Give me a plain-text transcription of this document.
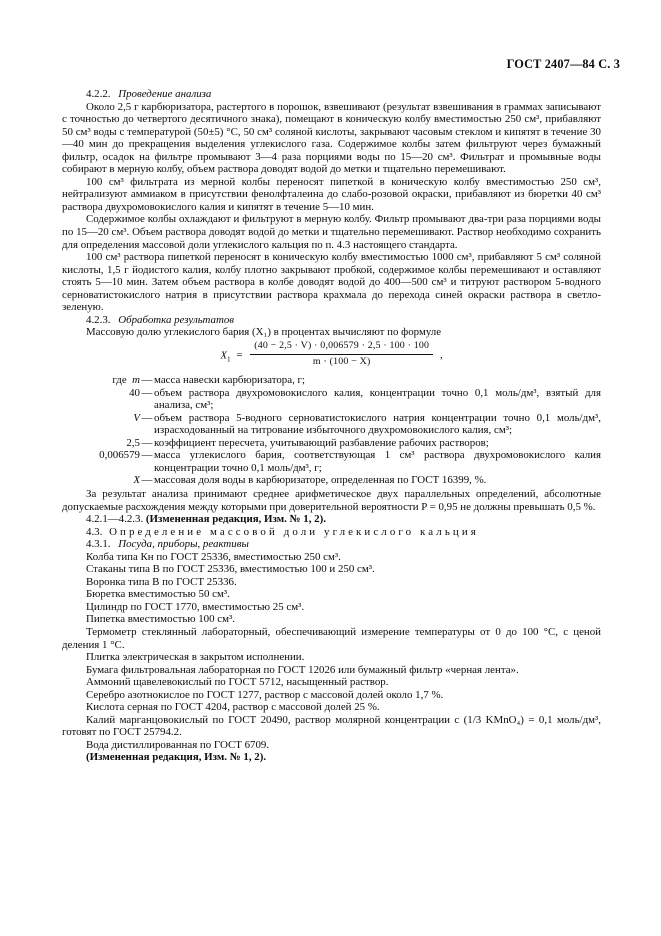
ГОСТ 2407—84 С. 3

4.2.2. Проведение анализа

Около 2,5 г карбюризатора, растертого в порошок, взвешивают (результат взвешивания в граммах записывают с точностью до четвертого десятичного знака), помещают в коническую колбу вместимостью 250 см³, прибавляют 50 см³ воды с температурой (50±5) °С, 50 см³ соляной кислоты, закрывают часовым стеклом и кипятят в течение 30—40 мин до прекращения выделения углекислого газа. Содержимое колбы затем фильтруют через бумажный фильтр, осадок на фильтре промывают 3—4 раза порциями воды по 15—20 см³. Фильтрат и промывные воды собирают в мерную колбу, объем раствора доводят водой до метки и тщательно перемешивают.

100 см³ фильтрата из мерной колбы переносят пипеткой в коническую колбу вместимостью 250 см³, нейтрализуют аммиаком в присутствии фенолфталеина до слабо-розовой окраски, прибавляют из бюретки 40 см³ раствора двухромовокислого калия и кипятят в течение 5—10 мин.

Содержимое колбы охлаждают и фильтруют в мерную колбу. Фильтр промывают два-три раза порциями воды по 15—20 см³. Объем раствора доводят водой до метки и тщательно перемешивают. Раствор необходимо сохранить для определения массовой доли углекислого кальция по п. 4.3 настоящего стандарта.

100 см³ раствора пипеткой переносят в коническую колбу вместимостью 1000 см³, прибавляют 5 см³ соляной кислоты, 1,5 г йодистого калия, колбу плотно закрывают пробкой, содержимое колбы перемешивают и оставляют стоять 5—10 мин. Затем объем раствора в колбе доводят водой до 400—500 см³ и титруют раствором 5-водного серноватистокислого натрия в присутствии раствора крахмала до перехода синей окраски раствора в светло-зеленую.

4.2.3. Обработка результатов

Массовую долю углекислого бария (X₁) в процентах вычисляют по формуле

$X_1 = \frac{(40 - 2,5 \cdot V) \cdot 0,006579 \cdot 2,5 \cdot 100 \cdot 100}{m \cdot (100 - X)}$ ,
где m — масса навески карбюризатора, г;
40 — объем раствора двухромовокислого калия, концентрации точно 0,1 моль/дм³, взятый для анализа, см³;
V — объем раствора 5-водного серноватистокислого натрия концентрации точно 0,1 моль/дм³, израсходованный на титрование избыточного двухромовокислого калия, см³;
2,5 — коэффициент пересчета, учитывающий разбавление рабочих растворов;
0,006579 — масса углекислого бария, соответствующая 1 см³ раствора двухромовокислого калия концентрации точно 0,1 моль/дм³, г;
X — массовая доля воды в карбюризаторе, определенная по ГОСТ 16399, %.

За результат анализа принимают среднее арифметическое двух параллельных определений, абсолютные допускаемые расхождения между которыми при доверительной вероятности P = 0,95 не должны превышать 0,5 %.

4.2.1—4.2.3. (Измененная редакция, Изм. № 1, 2).

4.3. Определение массовой доли углекислого кальция

4.3.1. Посуда, приборы, реактивы

Колба типа Кн по ГОСТ 25336, вместимостью 250 см³.

Стаканы типа В по ГОСТ 25336, вместимостью 100 и 250 см³.

Воронка типа В по ГОСТ 25336.

Бюретка вместимостью 50 см³.

Цилиндр по ГОСТ 1770, вместимостью 25 см³.

Пипетка вместимостью 100 см³.

Термометр стеклянный лабораторный, обеспечивающий измерение температуры от 0 до 100 °С, с ценой деления 1 °С.

Плитка электрическая в закрытом исполнении.

Бумага фильтровальная лабораторная по ГОСТ 12026 или бумажный фильтр «черная лента».

Аммоний щавелевокислый по ГОСТ 5712, насыщенный раствор.

Серебро азотнокислое по ГОСТ 1277, раствор с массовой долей около 1,7 %.

Кислота серная по ГОСТ 4204, раствор с массовой долей 25 %.

Калий марганцовокислый по ГОСТ 20490, раствор молярной концентрации c (1/3 KMnO₄) = 0,1 моль/дм³, готовят по ГОСТ 25794.2.

Вода дистиллированная по ГОСТ 6709.

(Измененная редакция, Изм. № 1, 2).
